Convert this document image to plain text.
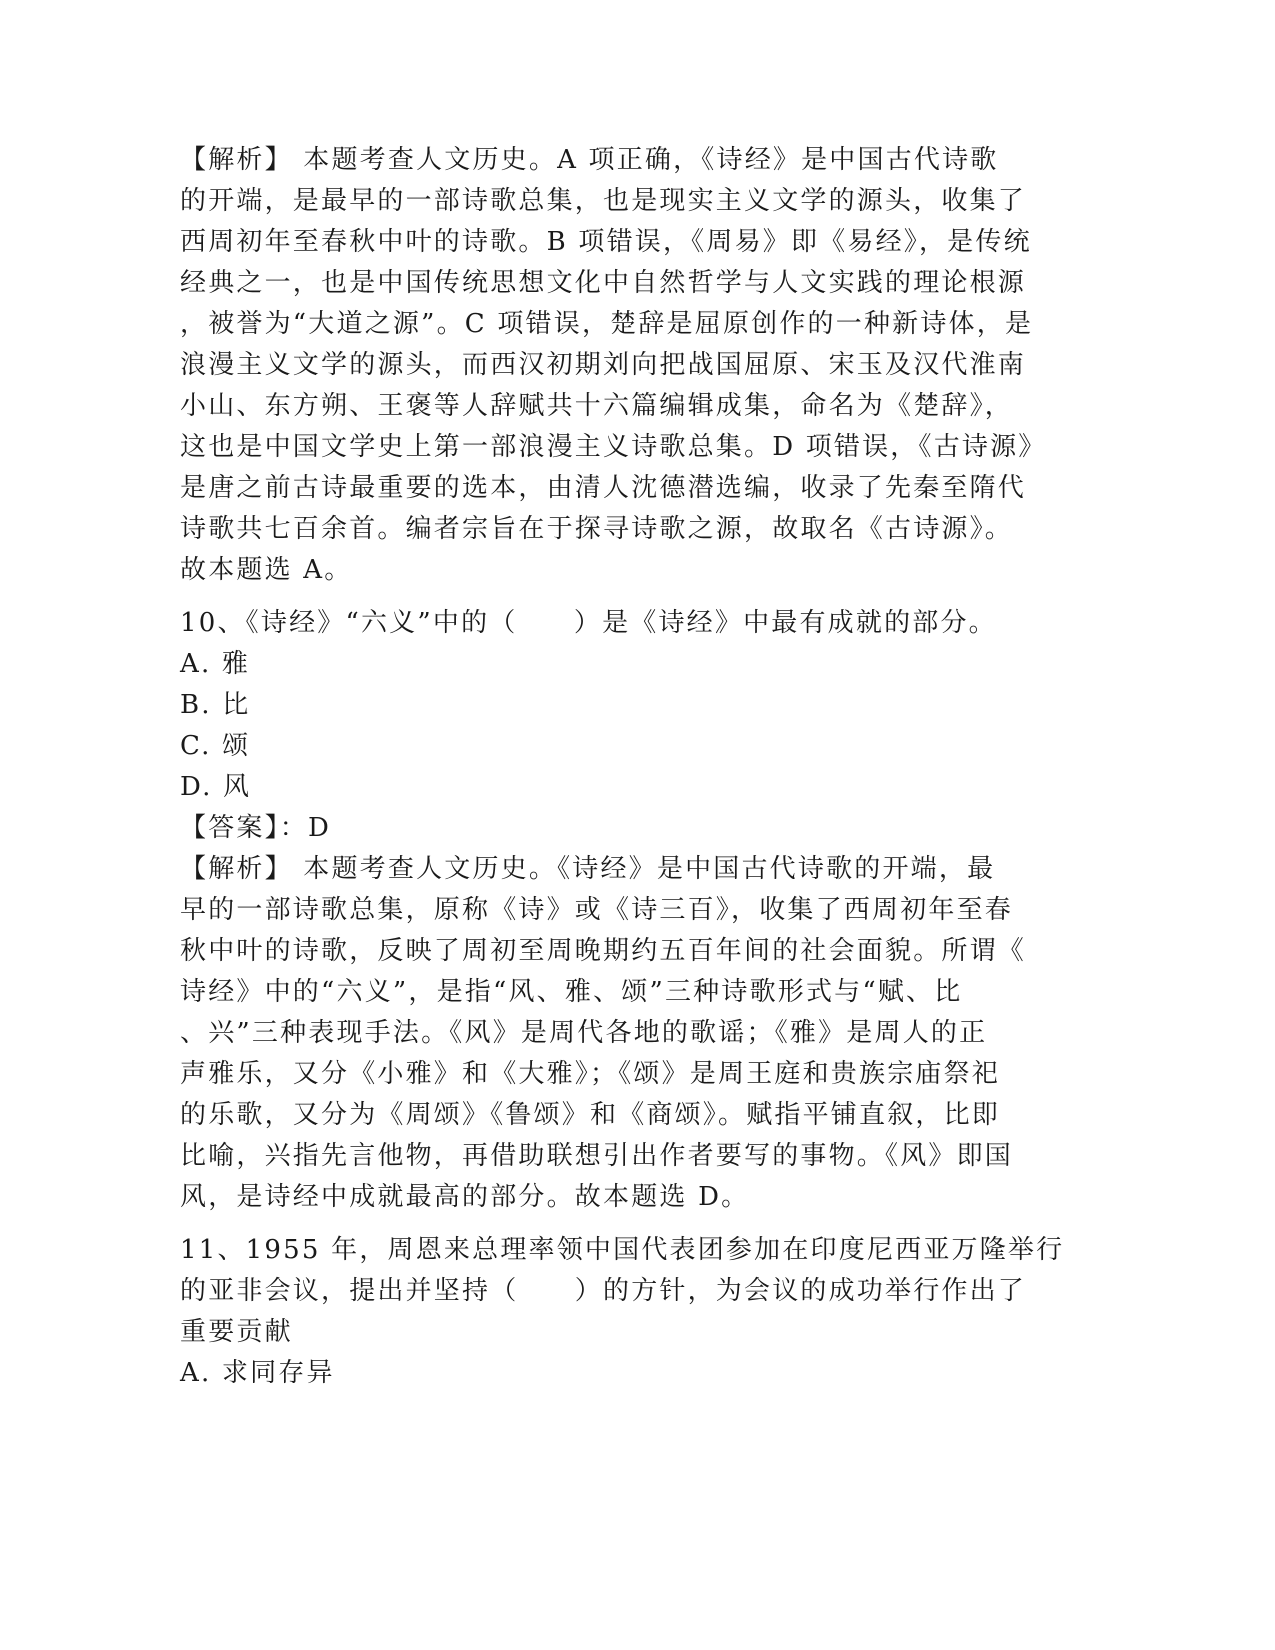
【解析】 本题考查人文历史。A 项正确，《诗经》是中国古代诗歌
的开端，是最早的一部诗歌总集，也是现实主义文学的源头，收集了
西周初年至春秋中叶的诗歌。B 项错误，《周易》即《易经》，是传统
经典之一，也是中国传统思想文化中自然哲学与人文实践的理论根源
，被誉为“大道之源”。C 项错误，楚辞是屈原创作的一种新诗体，是
浪漫主义文学的源头，而西汉初期刘向把战国屈原、宋玉及汉代淮南
小山、东方朔、王褒等人辞赋共十六篇编辑成集，命名为《楚辞》，
这也是中国文学史上第一部浪漫主义诗歌总集。D 项错误，《古诗源》
是唐之前古诗最重要的选本，由清人沈德潜选编，收录了先秦至隋代
诗歌共七百余首。编者宗旨在于探寻诗歌之源，故取名《古诗源》。
故本题选 A。
10、《诗经》“六义”中的（　　）是《诗经》中最有成就的部分。
A. 雅
B. 比
C. 颂
D. 风
【答案】：D
【解析】 本题考查人文历史。《诗经》是中国古代诗歌的开端，最
早的一部诗歌总集，原称《诗》或《诗三百》，收集了西周初年至春
秋中叶的诗歌，反映了周初至周晚期约五百年间的社会面貌。所谓《
诗经》中的“六义”，是指“风、雅、颂”三种诗歌形式与“赋、比
、兴”三种表现手法。《风》是周代各地的歌谣；《雅》是周人的正
声雅乐，又分《小雅》和《大雅》；《颂》是周王庭和贵族宗庙祭祀
的乐歌，又分为《周颂》《鲁颂》和《商颂》。赋指平铺直叙，比即
比喻，兴指先言他物，再借助联想引出作者要写的事物。《风》即国
风，是诗经中成就最高的部分。故本题选 D。
11、1955 年，周恩来总理率领中国代表团参加在印度尼西亚万隆举行
的亚非会议，提出并坚持（　　）的方针，为会议的成功举行作出了
重要贡献
A. 求同存异
